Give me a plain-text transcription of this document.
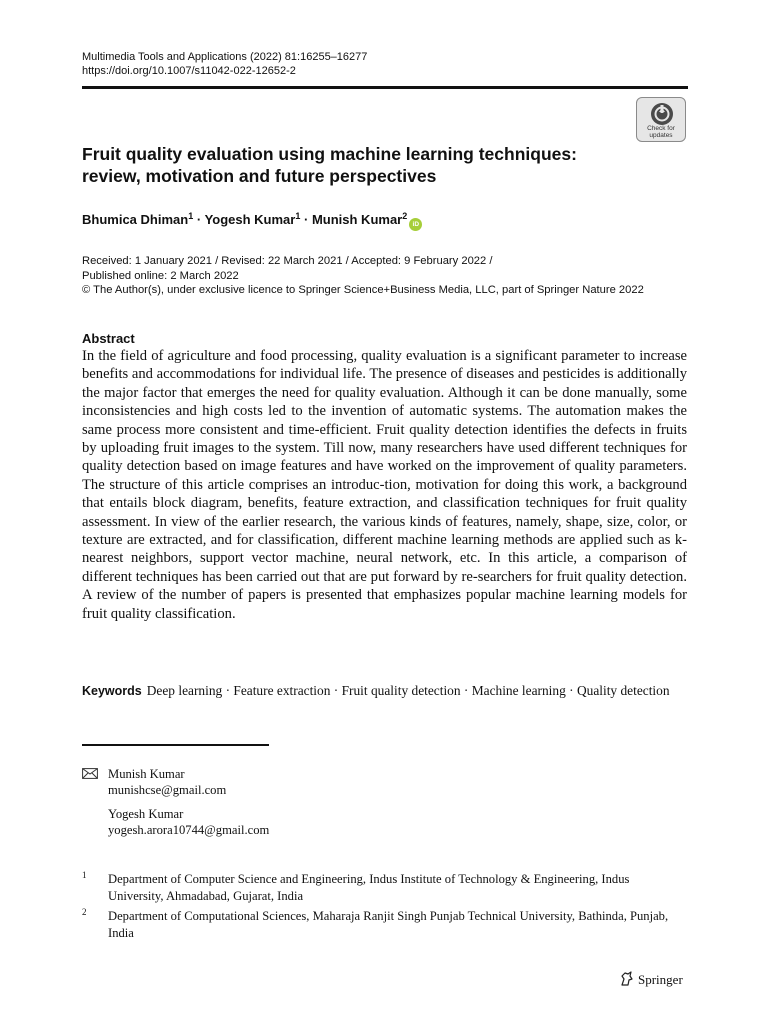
Multimedia Tools and Applications (2022) 81:16255–16277
https://doi.org/10.1007/s11042-022-12652-2
Check for
updates
Fruit quality evaluation using machine learning techniques: review, motivation and future perspectives
Bhumica Dhiman$^1$ · Yogesh Kumar$^1$ · Munish Kumar$^2$iD
Received: 1 January 2021 / Revised: 22 March 2021 / Accepted: 9 February 2022 /
Published online: 2 March 2022
© The Author(s), under exclusive licence to Springer Science+Business Media, LLC, part of Springer Nature 2022
Abstract
In the field of agriculture and food processing, quality evaluation is a significant parameter to increase benefits and accommodations for individual life. The presence of diseases and pesticides is additionally the major factor that emerges the need for quality evaluation. Although it can be done manually, some inconsistencies and high costs led to the invention of automatic systems. The automation makes the same process more consistent and time-efficient. Fruit quality detection identifies the defects in fruits by uploading fruit images to the system. Till now, many researchers have used different techniques for quality detection based on image features and have worked on the improvement of quality parameters. The structure of this article comprises an introduc-tion, motivation for doing this work, a background that entails block diagram, benefits, feature extraction, and classification techniques for fruit quality assessment. In view of the earlier research, the various kinds of features, namely, shape, size, color, or texture are extracted, and for classification, different machine learning methods are applied such as k-nearest neighbors, support vector machine, neural network, etc. In this article, a comparison of different techniques has been carried out that are put forward by re-searchers for fruit quality detection. A review of the number of papers is presented that emphasizes popular machine learning models for fruit quality classification.
Keywords Deep learning · Feature extraction · Fruit quality detection · Machine learning · Quality detection
Munish Kumar
munishcse@gmail.com
Yogesh Kumar
yogesh.arora10744@gmail.com
1 Department of Computer Science and Engineering, Indus Institute of Technology & Engineering, Indus University, Ahmadabad, Gujarat, India
2 Department of Computational Sciences, Maharaja Ranjit Singh Punjab Technical University, Bathinda, Punjab, India
Springer
